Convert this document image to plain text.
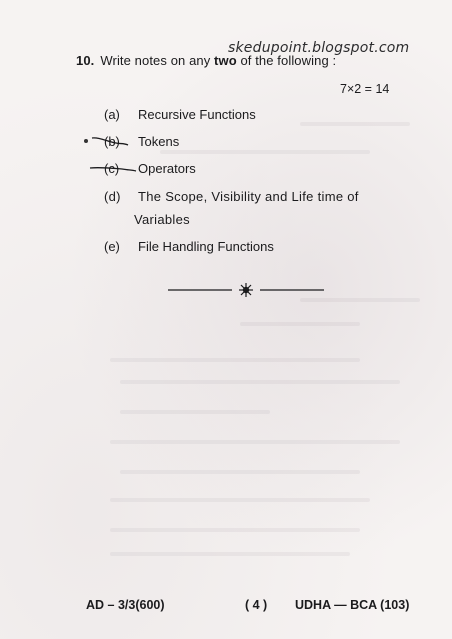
skedupoint.blogspot.com
10. Write notes on any two of the following :
7×2 = 14
(a)	Recursive Functions
(b)	Tokens
(c)	Operators
(d)	The Scope, Visibility and Life time of
Variables
(e)	File Handling Functions
AD – 3/3(600)	( 4 ) UDHA — BCA (103)
